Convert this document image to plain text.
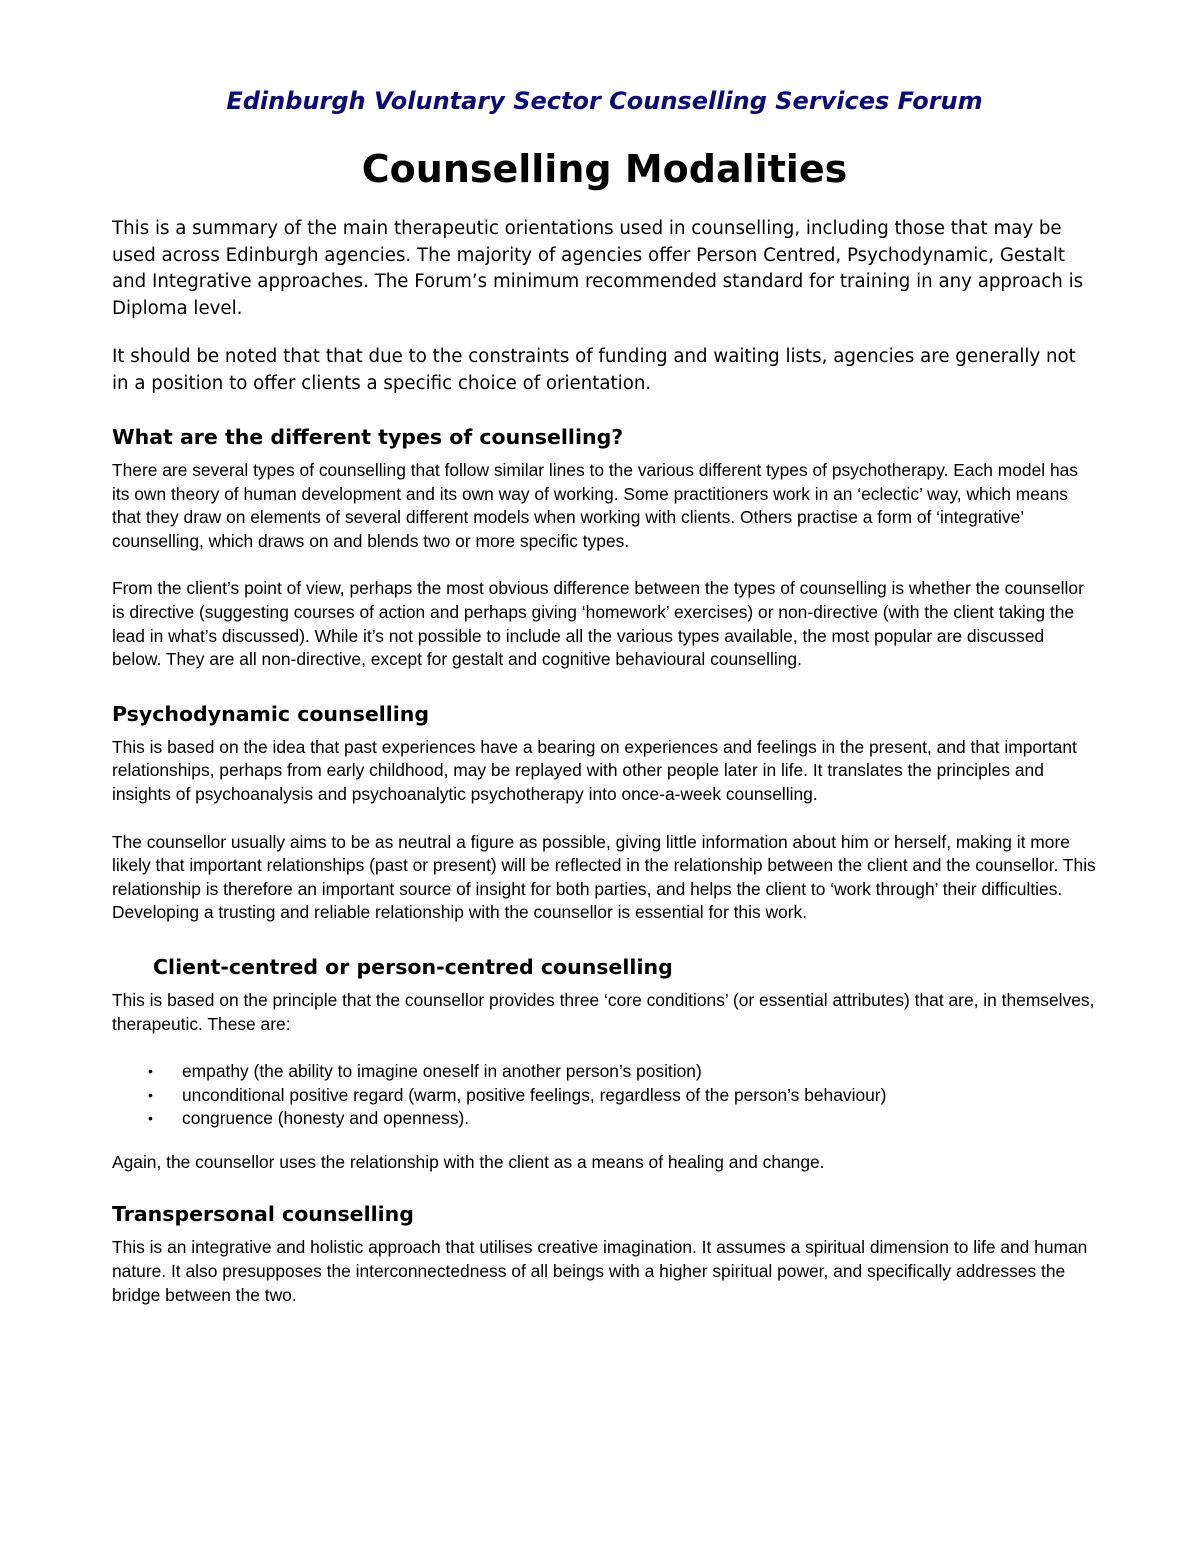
Edinburgh Voluntary Sector Counselling Services Forum
Counselling Modalities

This is a summary of the main therapeutic orientations used in counselling, including those that may be used across Edinburgh agencies. The majority of agencies offer Person Centred, Psychodynamic, Gestalt and Integrative approaches. The Forum’s minimum recommended standard for training in any approach is Diploma level.

It should be noted that that due to the constraints of funding and waiting lists, agencies are generally not in a position to offer clients a specific choice of orientation.

What are the different types of counselling?

There are several types of counselling that follow similar lines to the various different types of psychotherapy. Each model has its own theory of human development and its own way of working. Some practitioners work in an ‘eclectic’ way, which means that they draw on elements of several different models when working with clients. Others practise a form of ‘integrative’ counselling, which draws on and blends two or more specific types.

From the client’s point of view, perhaps the most obvious difference between the types of counselling is whether the counsellor is directive (suggesting courses of action and perhaps giving ‘homework’ exercises) or non-directive (with the client taking the lead in what’s discussed). While it’s not possible to include all the various types available, the most popular are discussed below. They are all non-directive, except for gestalt and cognitive behavioural counselling.

Psychodynamic counselling

This is based on the idea that past experiences have a bearing on experiences and feelings in the present, and that important relationships, perhaps from early childhood, may be replayed with other people later in life. It translates the principles and insights of psychoanalysis and psychoanalytic psychotherapy into once-a-week counselling.

The counsellor usually aims to be as neutral a figure as possible, giving little information about him or herself, making it more likely that important relationships (past or present) will be reflected in the relationship between the client and the counsellor. This relationship is therefore an important source of insight for both parties, and helps the client to ‘work through’ their difficulties. Developing a trusting and reliable relationship with the counsellor is essential for this work.

Client-centred or person-centred counselling

This is based on the principle that the counsellor provides three ‘core conditions’ (or essential attributes) that are, in themselves, therapeutic. These are:

• empathy (the ability to imagine oneself in another person’s position)
• unconditional positive regard (warm, positive feelings, regardless of the person’s behaviour)
• congruence (honesty and openness).

Again, the counsellor uses the relationship with the client as a means of healing and change.

Transpersonal counselling

This is an integrative and holistic approach that utilises creative imagination. It assumes a spiritual dimension to life and human nature. It also presupposes the interconnectedness of all beings with a higher spiritual power, and specifically addresses the bridge between the two.
